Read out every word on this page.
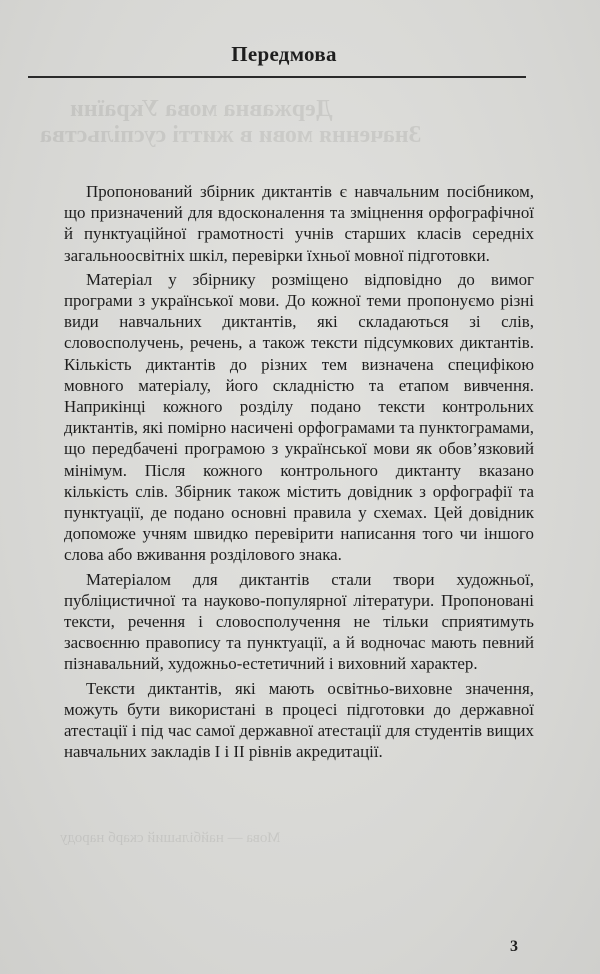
Державна мова України
Значення мови в житті суспільства
Мова — найбільший скарб народу
Передмова

Пропонований збірник диктантів є навчальним посібником, що призначений для вдосконалення та зміцнення орфографічної й пунктуаційної грамотності учнів старших класів середніх загальноосвітніх шкіл, перевірки їхньої мовної підготовки.

Матеріал у збірнику розміщено відповідно до вимог програми з української мови. До кожної теми пропонуємо різні види навчальних диктантів, які складаються зі слів, словосполучень, речень, а також тексти підсумкових диктантів. Кількість диктантів до різних тем визначена специфікою мовного матеріалу, його складністю та етапом вивчення. Наприкінці кожного розділу подано тексти контрольних диктантів, які помірно насичені орфограмами та пунктограмами, що передбачені програмою з української мови як обов’язковий мінімум. Після кожного контрольного диктанту вказано кількість слів. Збірник також містить довідник з орфографії та пунктуації, де подано основні правила у схемах. Цей довідник допоможе учням швидко перевірити написання того чи іншого слова або вживання розділового знака.

Матеріалом для диктантів стали твори художньої, публіцистичної та науково-популярної літератури. Пропоновані тексти, речення і словосполучення не тільки сприятимуть засвоєнню правопису та пунктуації, а й водночас мають певний пізнавальний, художньо-естетичний і виховний характер.

Тексти диктантів, які мають освітньо-виховне значення, можуть бути використані в процесі підготовки до державної атестації і під час самої державної атестації для студентів вищих навчальних закладів І і ІІ рівнів акредитації.

3
